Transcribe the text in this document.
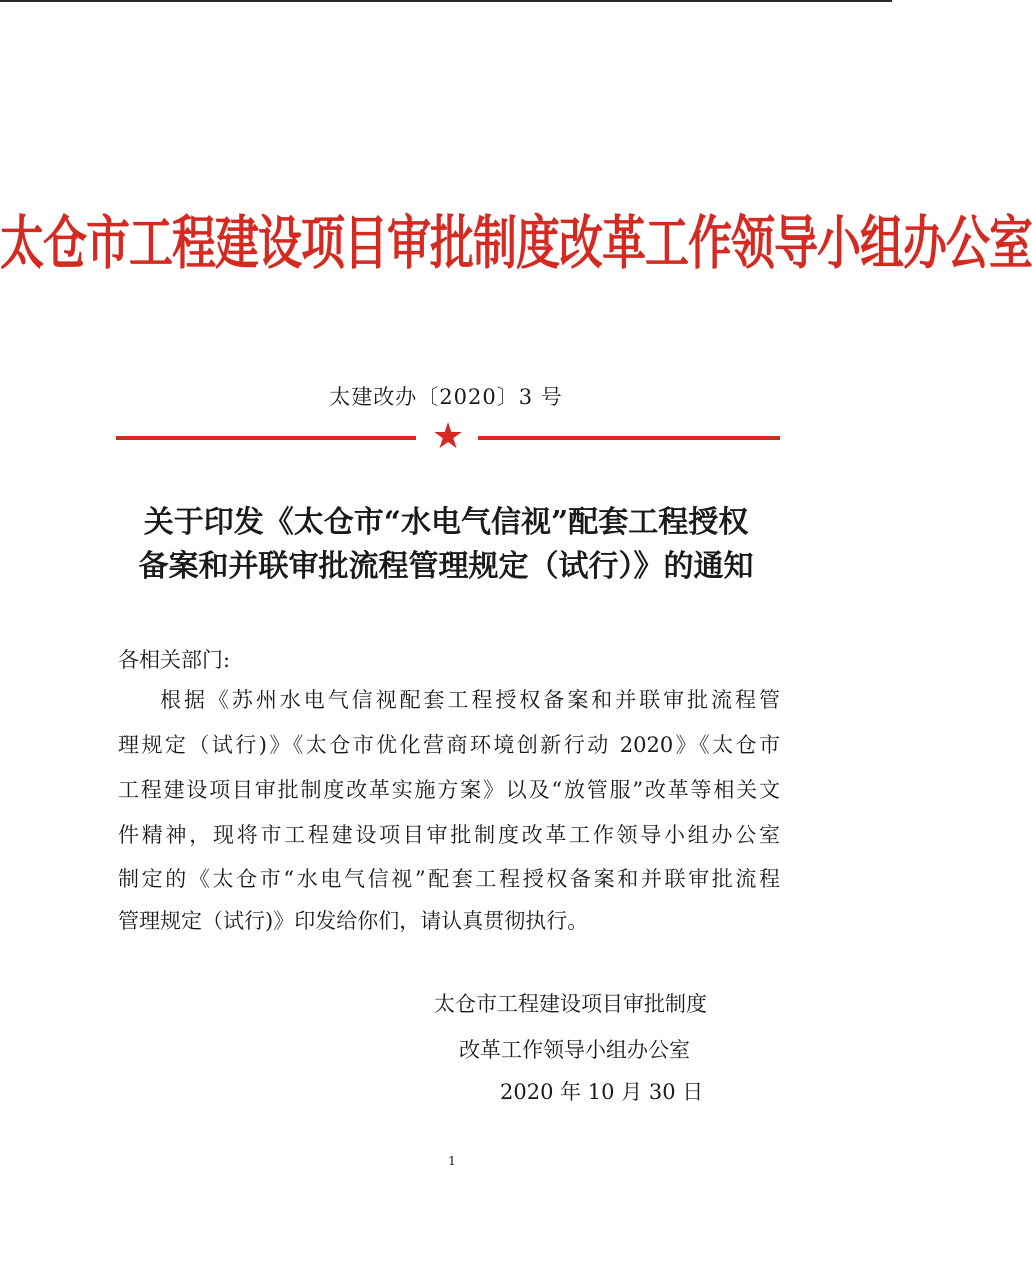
太仓市工程建设项目审批制度改革工作领导小组办公室
太建改办〔2020〕3 号
★
关于印发《太仓市“水电气信视”配套工程授权
备案和并联审批流程管理规定（试行）》的通知
各相关部门:
根据《苏州水电气信视配套工程授权备案和并联审批流程管
理规定（试行)》《太仓市优化营商环境创新行动 2020》《太仓市
工程建设项目审批制度改革实施方案》以及“放管服”改革等相关文
件精神，现将市工程建设项目审批制度改革工作领导小组办公室
制定的《太仓市“水电气信视”配套工程授权备案和并联审批流程
管理规定（试行)》印发给你们，请认真贯彻执行。
太仓市工程建设项目审批制度
改革工作领导小组办公室
2020 年 10 月 30 日
1
